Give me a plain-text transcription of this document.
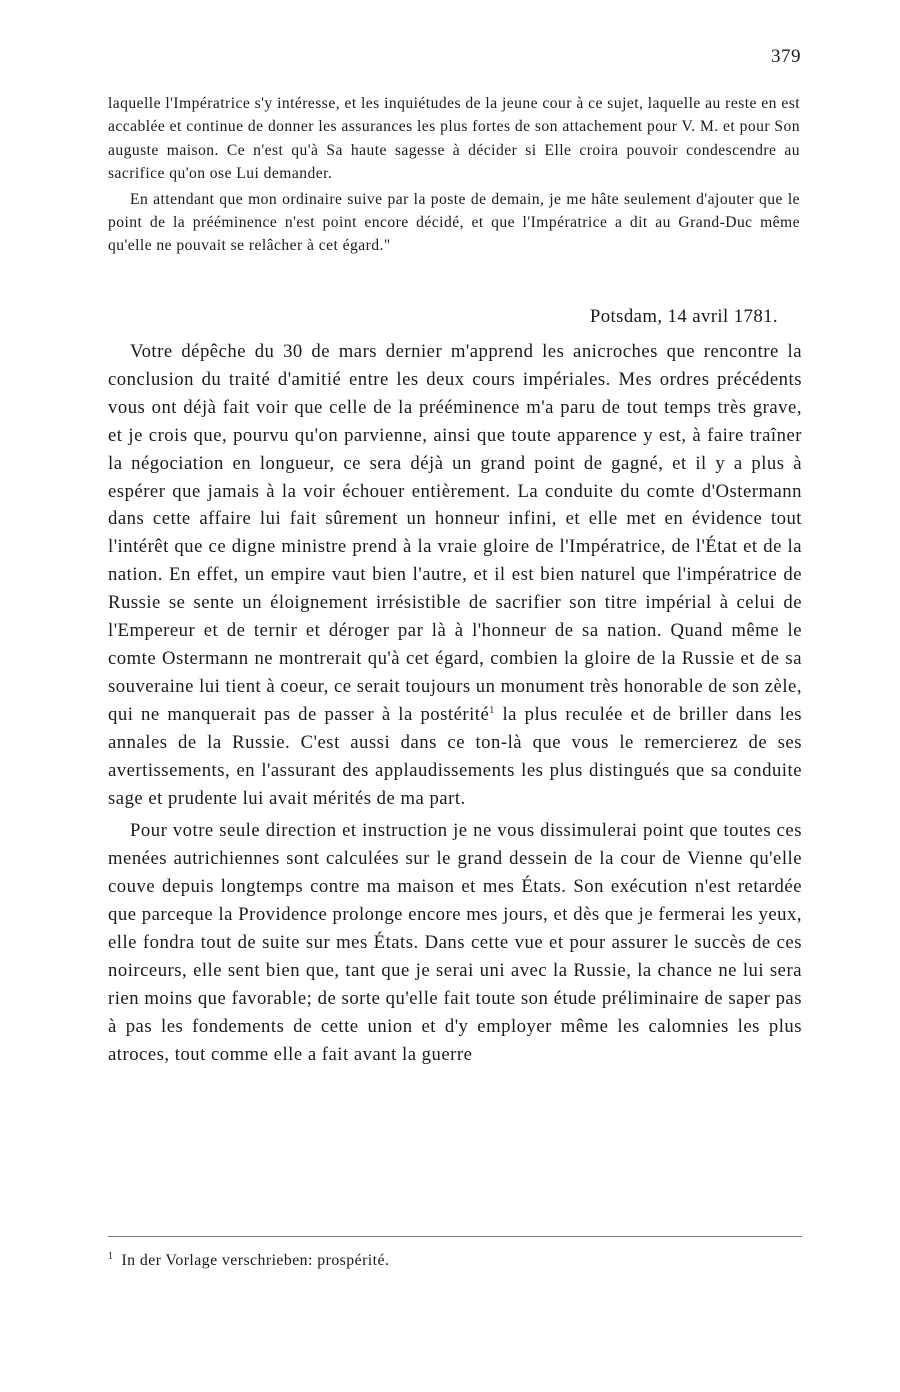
379

laquelle l'Impératrice s'y intéresse, et les inquiétudes de la jeune cour à ce sujet, laquelle au reste en est accablée et continue de donner les assurances les plus fortes de son attachement pour V. M. et pour Son auguste maison. Ce n'est qu'à Sa haute sagesse à décider si Elle croira pouvoir condescendre au sacrifice qu'on ose Lui demander.

En attendant que mon ordinaire suive par la poste de demain, je me hâte seulement d'ajouter que le point de la prééminence n'est point encore décidé, et que l'Impératrice a dit au Grand-Duc même qu'elle ne pouvait se relâcher à cet égard."

Potsdam, 14 avril 1781.

Votre dépêche du 30 de mars dernier m'apprend les anicroches que rencontre la conclusion du traité d'amitié entre les deux cours impériales. Mes ordres précédents vous ont déjà fait voir que celle de la prééminence m'a paru de tout temps très grave, et je crois que, pourvu qu'on parvienne, ainsi que toute apparence y est, à faire traîner la négociation en longueur, ce sera déjà un grand point de gagné, et il y a plus à espérer que jamais à la voir échouer entièrement. La conduite du comte d'Ostermann dans cette affaire lui fait sûrement un honneur infini, et elle met en évidence tout l'intérêt que ce digne ministre prend à la vraie gloire de l'Impératrice, de l'État et de la nation. En effet, un empire vaut bien l'autre, et il est bien naturel que l'impératrice de Russie se sente un éloignement irrésistible de sacrifier son titre impérial à celui de l'Empereur et de ternir et déroger par là à l'honneur de sa nation. Quand même le comte Ostermann ne montrerait qu'à cet égard, combien la gloire de la Russie et de sa souveraine lui tient à coeur, ce serait toujours un monument très honorable de son zèle, qui ne manquerait pas de passer à la postérité$^1$ la plus reculée et de briller dans les annales de la Russie. C'est aussi dans ce ton-là que vous le remercierez de ses avertissements, en l'assurant des applaudissements les plus distingués que sa conduite sage et prudente lui avait mérités de ma part.

Pour votre seule direction et instruction je ne vous dissimulerai point que toutes ces menées autrichiennes sont calculées sur le grand dessein de la cour de Vienne qu'elle couve depuis longtemps contre ma maison et mes États. Son exécution n'est retardée que parceque la Providence prolonge encore mes jours, et dès que je fermerai les yeux, elle fondra tout de suite sur mes États. Dans cette vue et pour assurer le succès de ces noirceurs, elle sent bien que, tant que je serai uni avec la Russie, la chance ne lui sera rien moins que favorable; de sorte qu'elle fait toute son étude préliminaire de saper pas à pas les fondements de cette union et d'y employer même les calomnies les plus atroces, tout comme elle a fait avant la guerre

$^1$ In der Vorlage verschrieben: prospérité.
